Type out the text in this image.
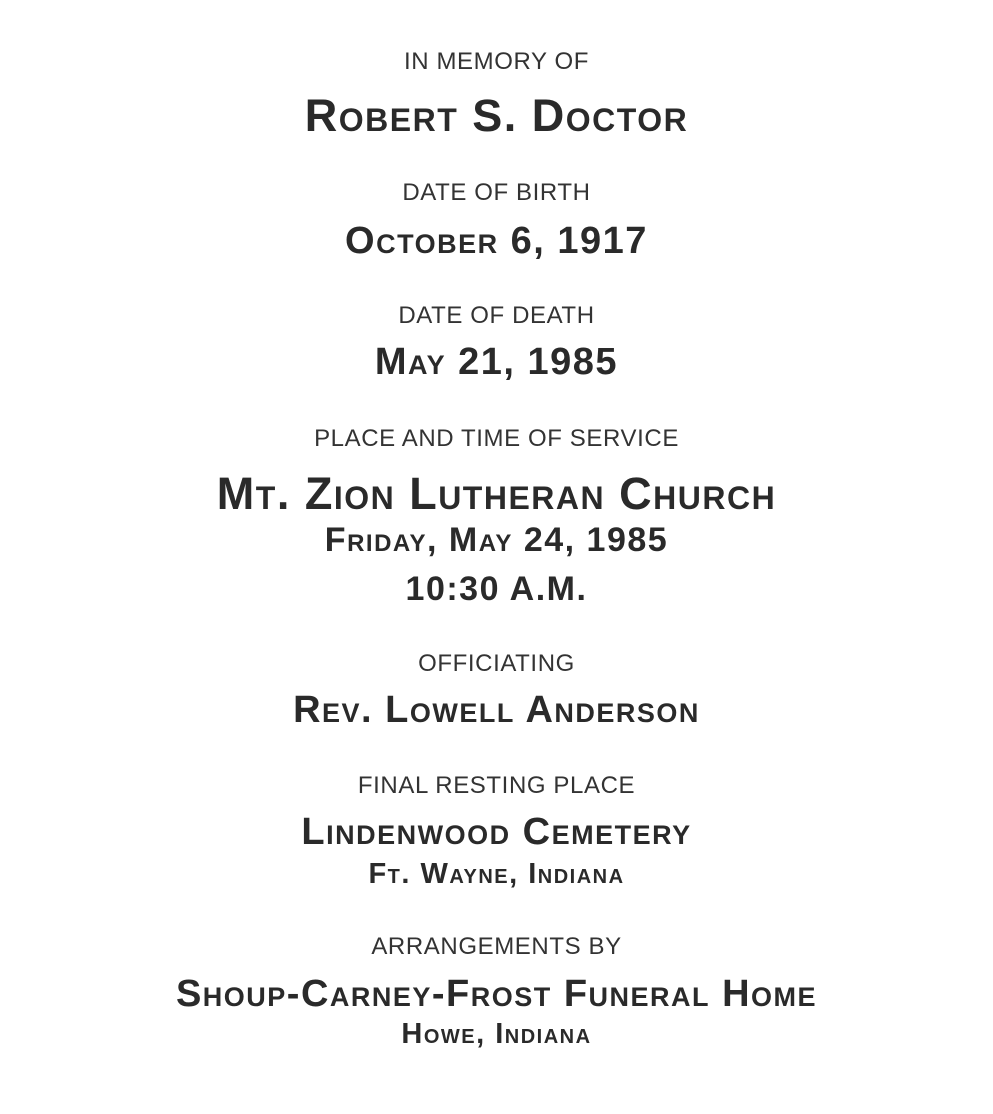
IN MEMORY OF
Robert S. Doctor
DATE OF BIRTH
October 6, 1917
DATE OF DEATH
May 21, 1985
PLACE AND TIME OF SERVICE
Mt. Zion Lutheran Church
Friday, May 24, 1985
10:30 A.M.
OFFICIATING
Rev. Lowell Anderson
FINAL RESTING PLACE
Lindenwood Cemetery
Ft. Wayne, Indiana
ARRANGEMENTS BY
Shoup-Carney-Frost Funeral Home
Howe, Indiana
